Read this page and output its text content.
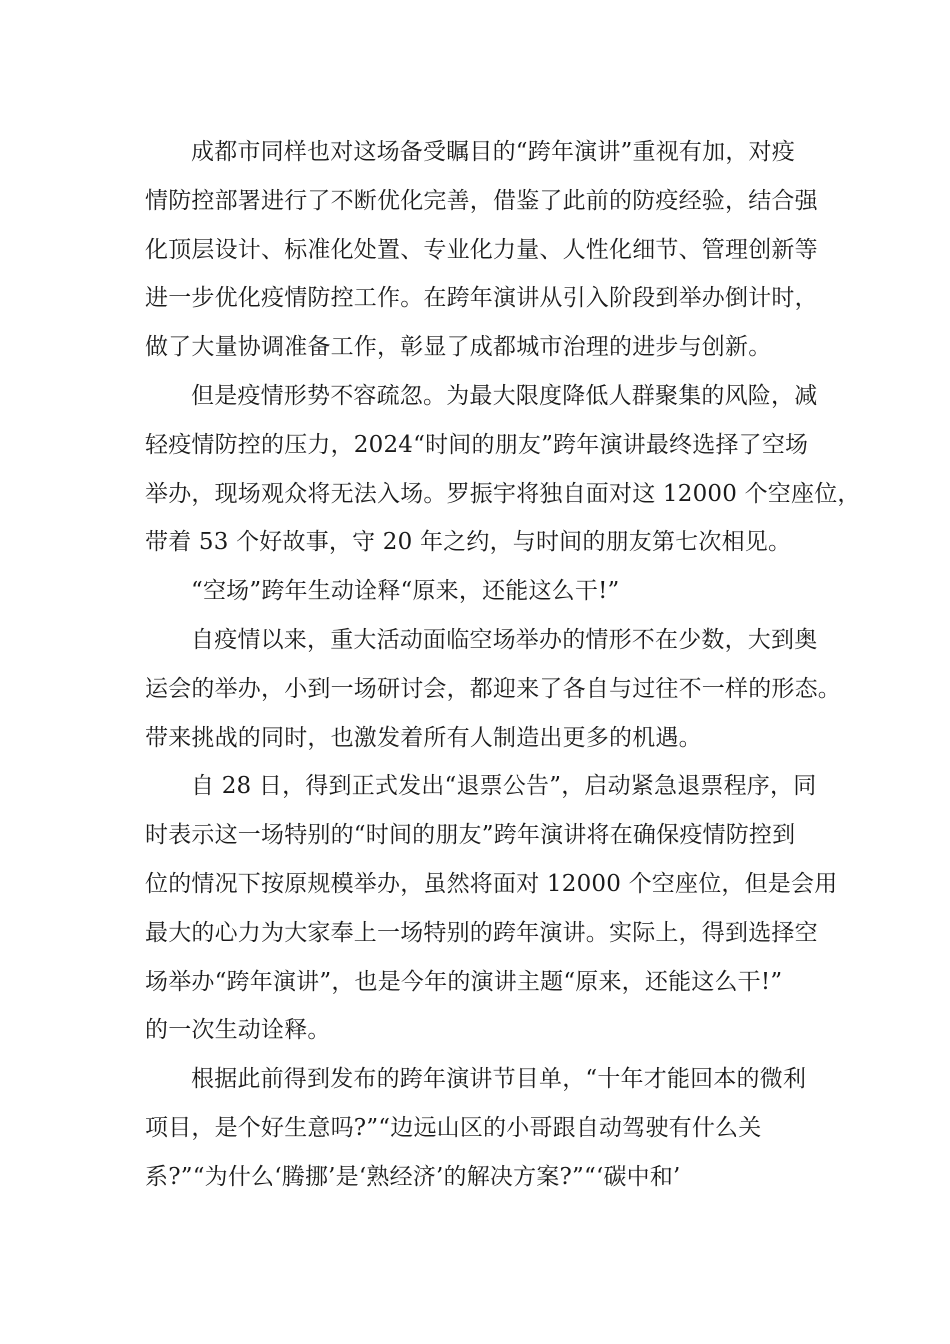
成都市同样也对这场备受瞩目的“跨年演讲”重视有加，对疫
情防控部署进行了不断优化完善，借鉴了此前的防疫经验，结合强
化顶层设计、标准化处置、专业化力量、人性化细节、管理创新等
进一步优化疫情防控工作。在跨年演讲从引入阶段到举办倒计时，
做了大量协调准备工作，彰显了成都城市治理的进步与创新。
但是疫情形势不容疏忽。为最大限度降低人群聚集的风险，减
轻疫情防控的压力，2024“时间的朋友”跨年演讲最终选择了空场
举办，现场观众将无法入场。罗振宇将独自面对这 12000 个空座位，
带着 53 个好故事，守 20 年之约，与时间的朋友第七次相见。
“空场”跨年生动诠释“原来，还能这么干!”
自疫情以来，重大活动面临空场举办的情形不在少数，大到奥
运会的举办，小到一场研讨会，都迎来了各自与过往不一样的形态。
带来挑战的同时，也激发着所有人制造出更多的机遇。
自 28 日，得到正式发出“退票公告”，启动紧急退票程序，同
时表示这一场特别的“时间的朋友”跨年演讲将在确保疫情防控到
位的情况下按原规模举办，虽然将面对 12000 个空座位，但是会用
最大的心力为大家奉上一场特别的跨年演讲。实际上，得到选择空
场举办“跨年演讲”，也是今年的演讲主题“原来，还能这么干!”
的一次生动诠释。
根据此前得到发布的跨年演讲节目单，“十年才能回本的微利
项目，是个好生意吗?”“边远山区的小哥跟自动驾驶有什么关
系?”“为什么‘腾挪’是‘熟经济’的解决方案?”“‘碳中和’
